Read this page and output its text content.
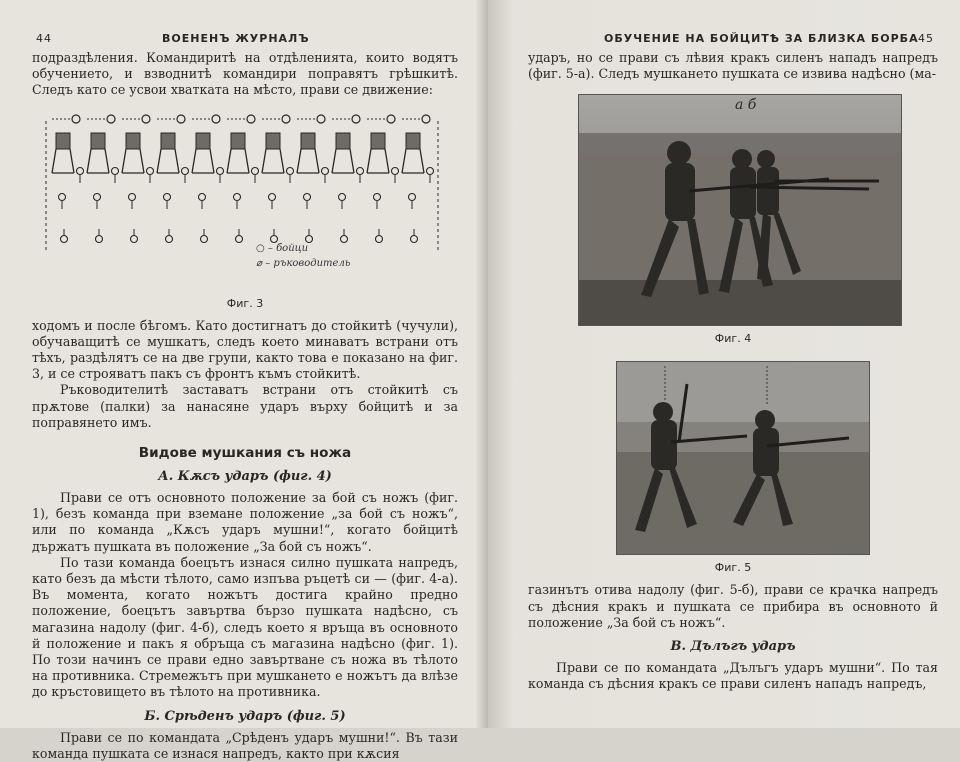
44	ВОЕНЕНЪ ЖУРНАЛЪ

подраздѣления. Командиритѣ на отдѣленията, които водятъ обучението, и взводнитѣ командири поправятъ грѣшкитѣ. Следъ като се усвои хватката на мѣсто, прави се движение:

○ – бойци
⌀ – ръководитель
Фиг. 3

ходомъ и после бѣгомъ. Като достигнатъ до стойкитѣ (чучули), обучаващитѣ се мушкатъ, следъ което минаватъ встрани отъ тѣхъ, раздѣлятъ се на две групи, както това е показано на фиг. 3, и се строяватъ пакъ съ фронтъ къмъ стойкитѣ.

Ръководителитѣ заставатъ встрани отъ стойкитѣ съ прѫтове (палки) за нанасяне ударъ върху бойцитѣ и за поправянето имъ.

Видове мушкания съ ножа
А. Кѫсъ ударъ (фиг. 4)

Прави се отъ основното положение за бой съ ножъ (фиг. 1), безъ команда при вземане положение „за бой съ ножъ“, или по команда „Кѫсъ ударъ мушни!“, когато бойцитѣ държатъ пушката въ положение „За бой съ ножъ“.

По тази команда боецътъ изнася силно пушката напредъ, като безъ да мѣсти тѣлото, само изпъва ръцетѣ си — (фиг. 4-а). Въ момента, когато ножътъ достига крайно предно положение, боецътъ завъртва бързо пушката надѣсно, съ магазина надолу (фиг. 4-б), следъ което я връща въ основното й положение и пакъ я обръща съ магазина надѣсно (фиг. 1). По този начинъ се прави едно завъртване съ ножа въ тѣлото на противника. Стремежътъ при мушкането е ножътъ да влѣзе до кръстовището въ тѣлото на противника.

Б. Срѣденъ ударъ (фиг. 5)

Прави се по командата „Срѣденъ ударъ мушни!“. Въ тази команда пушката се изнася напредъ, както при кѫсия

ОБУЧЕНИЕ НА БОЙЦИТѢ ЗА БЛИЗКА БОРБА 45

ударъ, но се прави съ лѣвия кракъ силенъ нападъ напредъ (фиг. 5-а). Следъ мушкането пушката се извива надѣсно (ма-

а б
Фиг. 4
Фиг. 5

газинътъ отива надолу (фиг. 5-б), прави се крачка напредъ съ дѣсния кракъ и пушката се прибира въ основното й положение „За бой съ ножъ“.

В. Дълъгъ ударъ

Прави се по командата „Дълъгъ ударъ мушни“. По тая команда съ дѣсния кракъ се прави силенъ нападъ напредъ,
